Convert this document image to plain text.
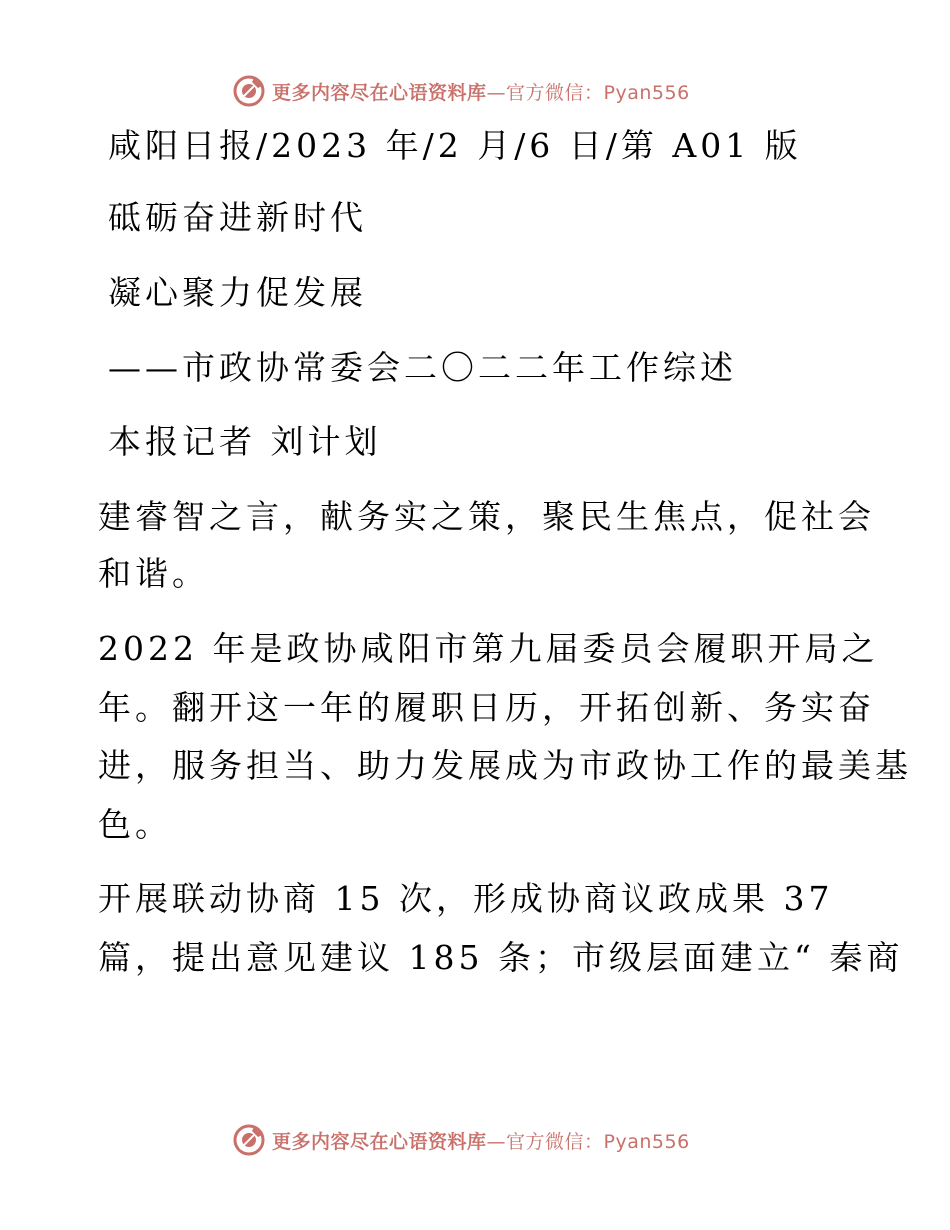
更多内容尽在心语资料库—官方微信：Pyan556
咸阳日报/2023 年/2 月/6 日/第 A01 版
砥砺奋进新时代
凝心聚力促发展
——市政协常委会二〇二二年工作综述
本报记者 刘计划
建睿智之言，献务实之策，聚民生焦点，促社会
和谐。
2022 年是政协咸阳市第九届委员会履职开局之
年。翻开这一年的履职日历，开拓创新、务实奋
进，服务担当、助力发展成为市政协工作的最美基
色。
开展联动协商 15 次，形成协商议政成果 37
篇，提出意见建议 185 条；市级层面建立“ 秦商
更多内容尽在心语资料库—官方微信：Pyan556
